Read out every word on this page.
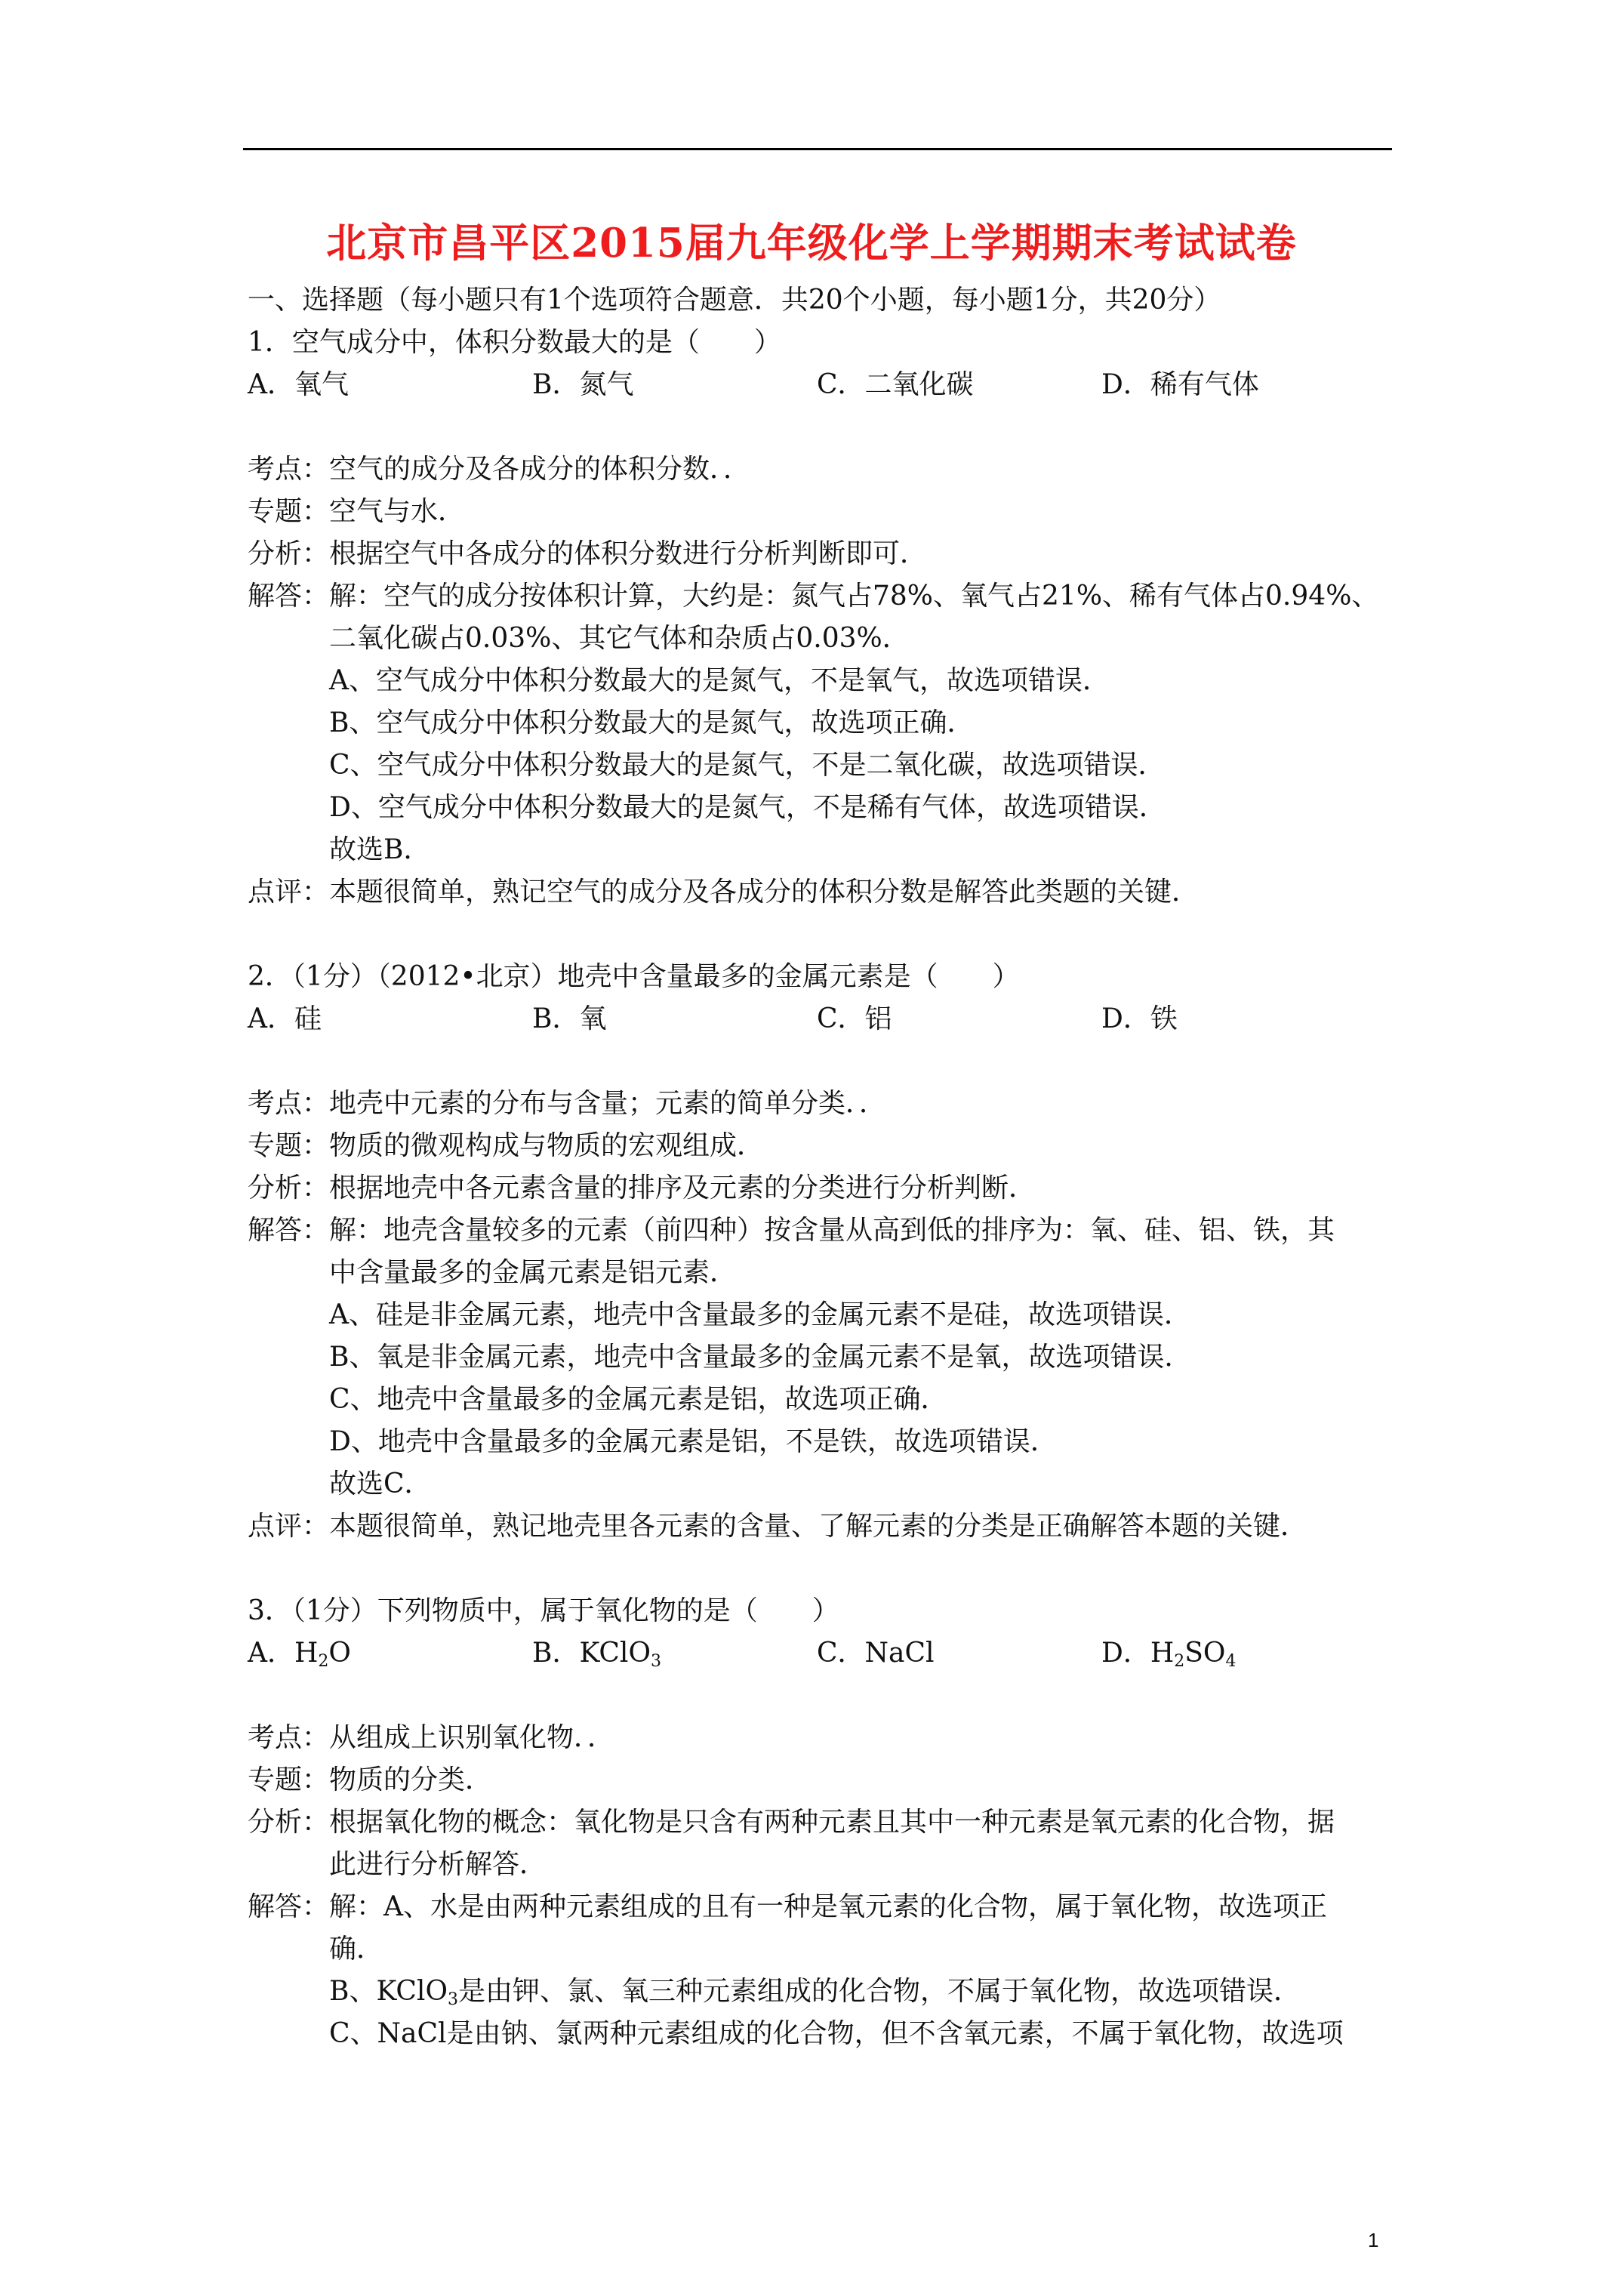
北京市昌平区2015届九年级化学上学期期末考试试卷
一、选择题（每小题只有1个选项符合题意．共20个小题，每小题1分，共20分）
1．空气成分中，体积分数最大的是（　　）
A．氧气	B．氮气	C．二氧化碳	D．稀有气体
考点： 空气的成分及各成分的体积分数．．
专题： 空气与水．
分析： 根据空气中各成分的体积分数进行分析判断即可．
解答： 解：空气的成分按体积计算，大约是：氮气占78%、氧气占21%、稀有气体占0.94%、
二氧化碳占0.03%、其它气体和杂质占0.03%．
A、空气成分中体积分数最大的是氮气，不是氧气，故选项错误．
B、空气成分中体积分数最大的是氮气，故选项正确．
C、空气成分中体积分数最大的是氮气，不是二氧化碳，故选项错误．
D、空气成分中体积分数最大的是氮气，不是稀有气体，故选项错误．
故选B．
点评： 本题很简单，熟记空气的成分及各成分的体积分数是解答此类题的关键．
2．（1分）（2012•北京）地壳中含量最多的金属元素是（　　）
A．硅	B．氧	C．铝	D．铁
考点： 地壳中元素的分布与含量；元素的简单分类．．
专题： 物质的微观构成与物质的宏观组成．
分析： 根据地壳中各元素含量的排序及元素的分类进行分析判断．
解答： 解：地壳含量较多的元素（前四种）按含量从高到低的排序为：氧、硅、铝、铁，其
中含量最多的金属元素是铝元素．
A、硅是非金属元素，地壳中含量最多的金属元素不是硅，故选项错误．
B、氧是非金属元素，地壳中含量最多的金属元素不是氧，故选项错误．
C、地壳中含量最多的金属元素是铝，故选项正确．
D、地壳中含量最多的金属元素是铝，不是铁，故选项错误．
故选C．
点评： 本题很简单，熟记地壳里各元素的含量、了解元素的分类是正确解答本题的关键．
3．（1分）下列物质中，属于氧化物的是（　　）
A．$H_2O$	B．KClO$_3$	C．NaCl	D．$H_2SO_4$
考点： 从组成上识别氧化物．．
专题： 物质的分类．
分析： 根据氧化物的概念：氧化物是只含有两种元素且其中一种元素是氧元素的化合物，据
此进行分析解答．
解答： 解：A、水是由两种元素组成的且有一种是氧元素的化合物，属于氧化物，故选项正
确．
B、KClO$_3$是由钾、氯、氧三种元素组成的化合物，不属于氧化物，故选项错误．
C、NaCl是由钠、氯两种元素组成的化合物，但不含氧元素，不属于氧化物，故选项
1
